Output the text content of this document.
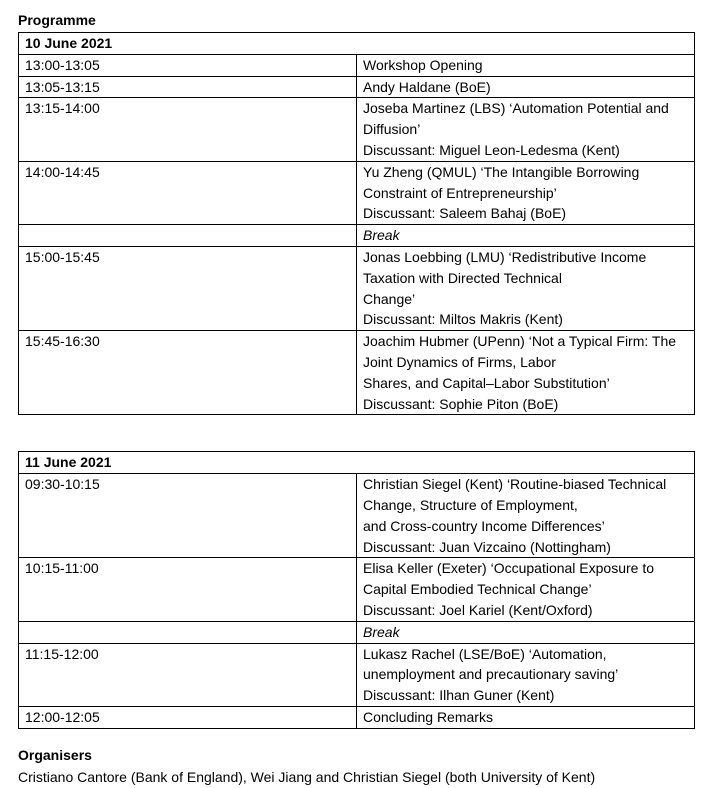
Programme

10 June 2021	
13:00-13:05	Workshop Opening

13:05-13:15	Andy Haldane (BoE)

13:15-14:00	Joseba Martinez (LBS) ‘Automation Potential and Diffusion’
Discussant: Miguel Leon-Ledesma (Kent)

14:00-14:45	Yu Zheng (QMUL) ‘The Intangible Borrowing Constraint of Entrepreneurship’
Discussant: Saleem Bahaj (BoE)

	Break

15:00-15:45	Jonas Loebbing (LMU) ‘Redistributive Income Taxation with Directed Technical
Change’
Discussant: Miltos Makris (Kent)

15:45-16:30	Joachim Hubmer (UPenn) ‘Not a Typical Firm: The Joint Dynamics of Firms, Labor
Shares, and Capital–Labor Substitution’
Discussant: Sophie Piton (BoE)
11 June 2021	
09:30-10:15	Christian Siegel (Kent) ‘Routine-biased Technical Change, Structure of Employment,
and Cross-country Income Differences’
Discussant: Juan Vizcaino (Nottingham)

10:15-11:00	Elisa Keller (Exeter) ‘Occupational Exposure to Capital Embodied Technical Change’
Discussant: Joel Kariel (Kent/Oxford)

	Break

11:15-12:00	Lukasz Rachel (LSE/BoE) ‘Automation, unemployment and precautionary saving’
Discussant: Ilhan Guner (Kent)

12:00-12:05	Concluding Remarks

Organisers

Cristiano Cantore (Bank of England), Wei Jiang and Christian Siegel (both University of Kent)
